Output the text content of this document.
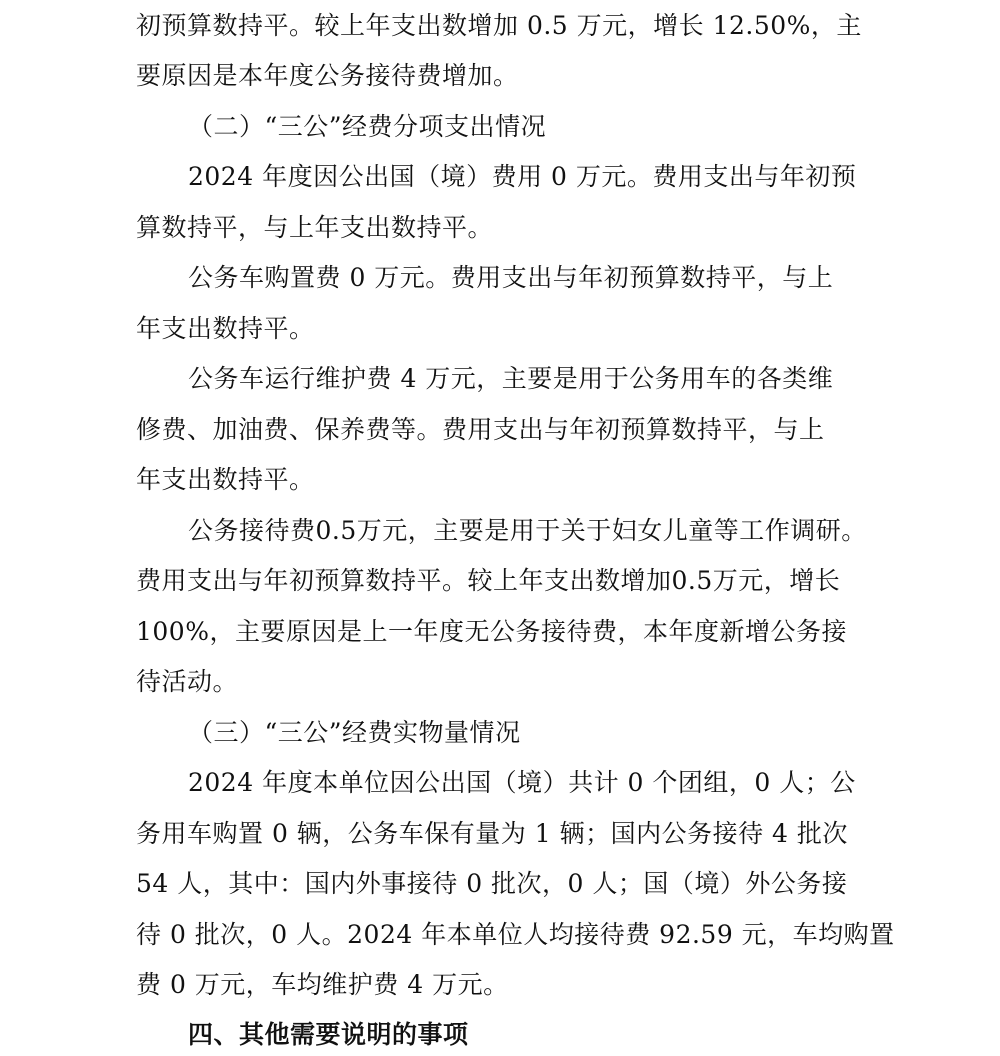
初预算数持平。较上年支出数增加 0.5 万元，增长 12.50%，主
要原因是本年度公务接待费增加。
（二）“三公”经费分项支出情况
2024 年度因公出国（境）费用 0 万元。费用支出与年初预
算数持平，与上年支出数持平。
公务车购置费 0 万元。费用支出与年初预算数持平，与上
年支出数持平。
公务车运行维护费 4 万元，主要是用于公务用车的各类维
修费、加油费、保养费等。费用支出与年初预算数持平，与上
年支出数持平。
公务接待费0.5万元，主要是用于关于妇女儿童等工作调研。
费用支出与年初预算数持平。较上年支出数增加0.5万元，增长
100%，主要原因是上一年度无公务接待费，本年度新增公务接
待活动。
（三）“三公”经费实物量情况
2024 年度本单位因公出国（境）共计 0 个团组，0 人；公
务用车购置 0 辆，公务车保有量为 1 辆；国内公务接待 4 批次
54 人，其中：国内外事接待 0 批次，0 人；国（境）外公务接
待 0 批次，0 人。2024 年本单位人均接待费 92.59 元，车均购置
费 0 万元，车均维护费 4 万元。
四、其他需要说明的事项
